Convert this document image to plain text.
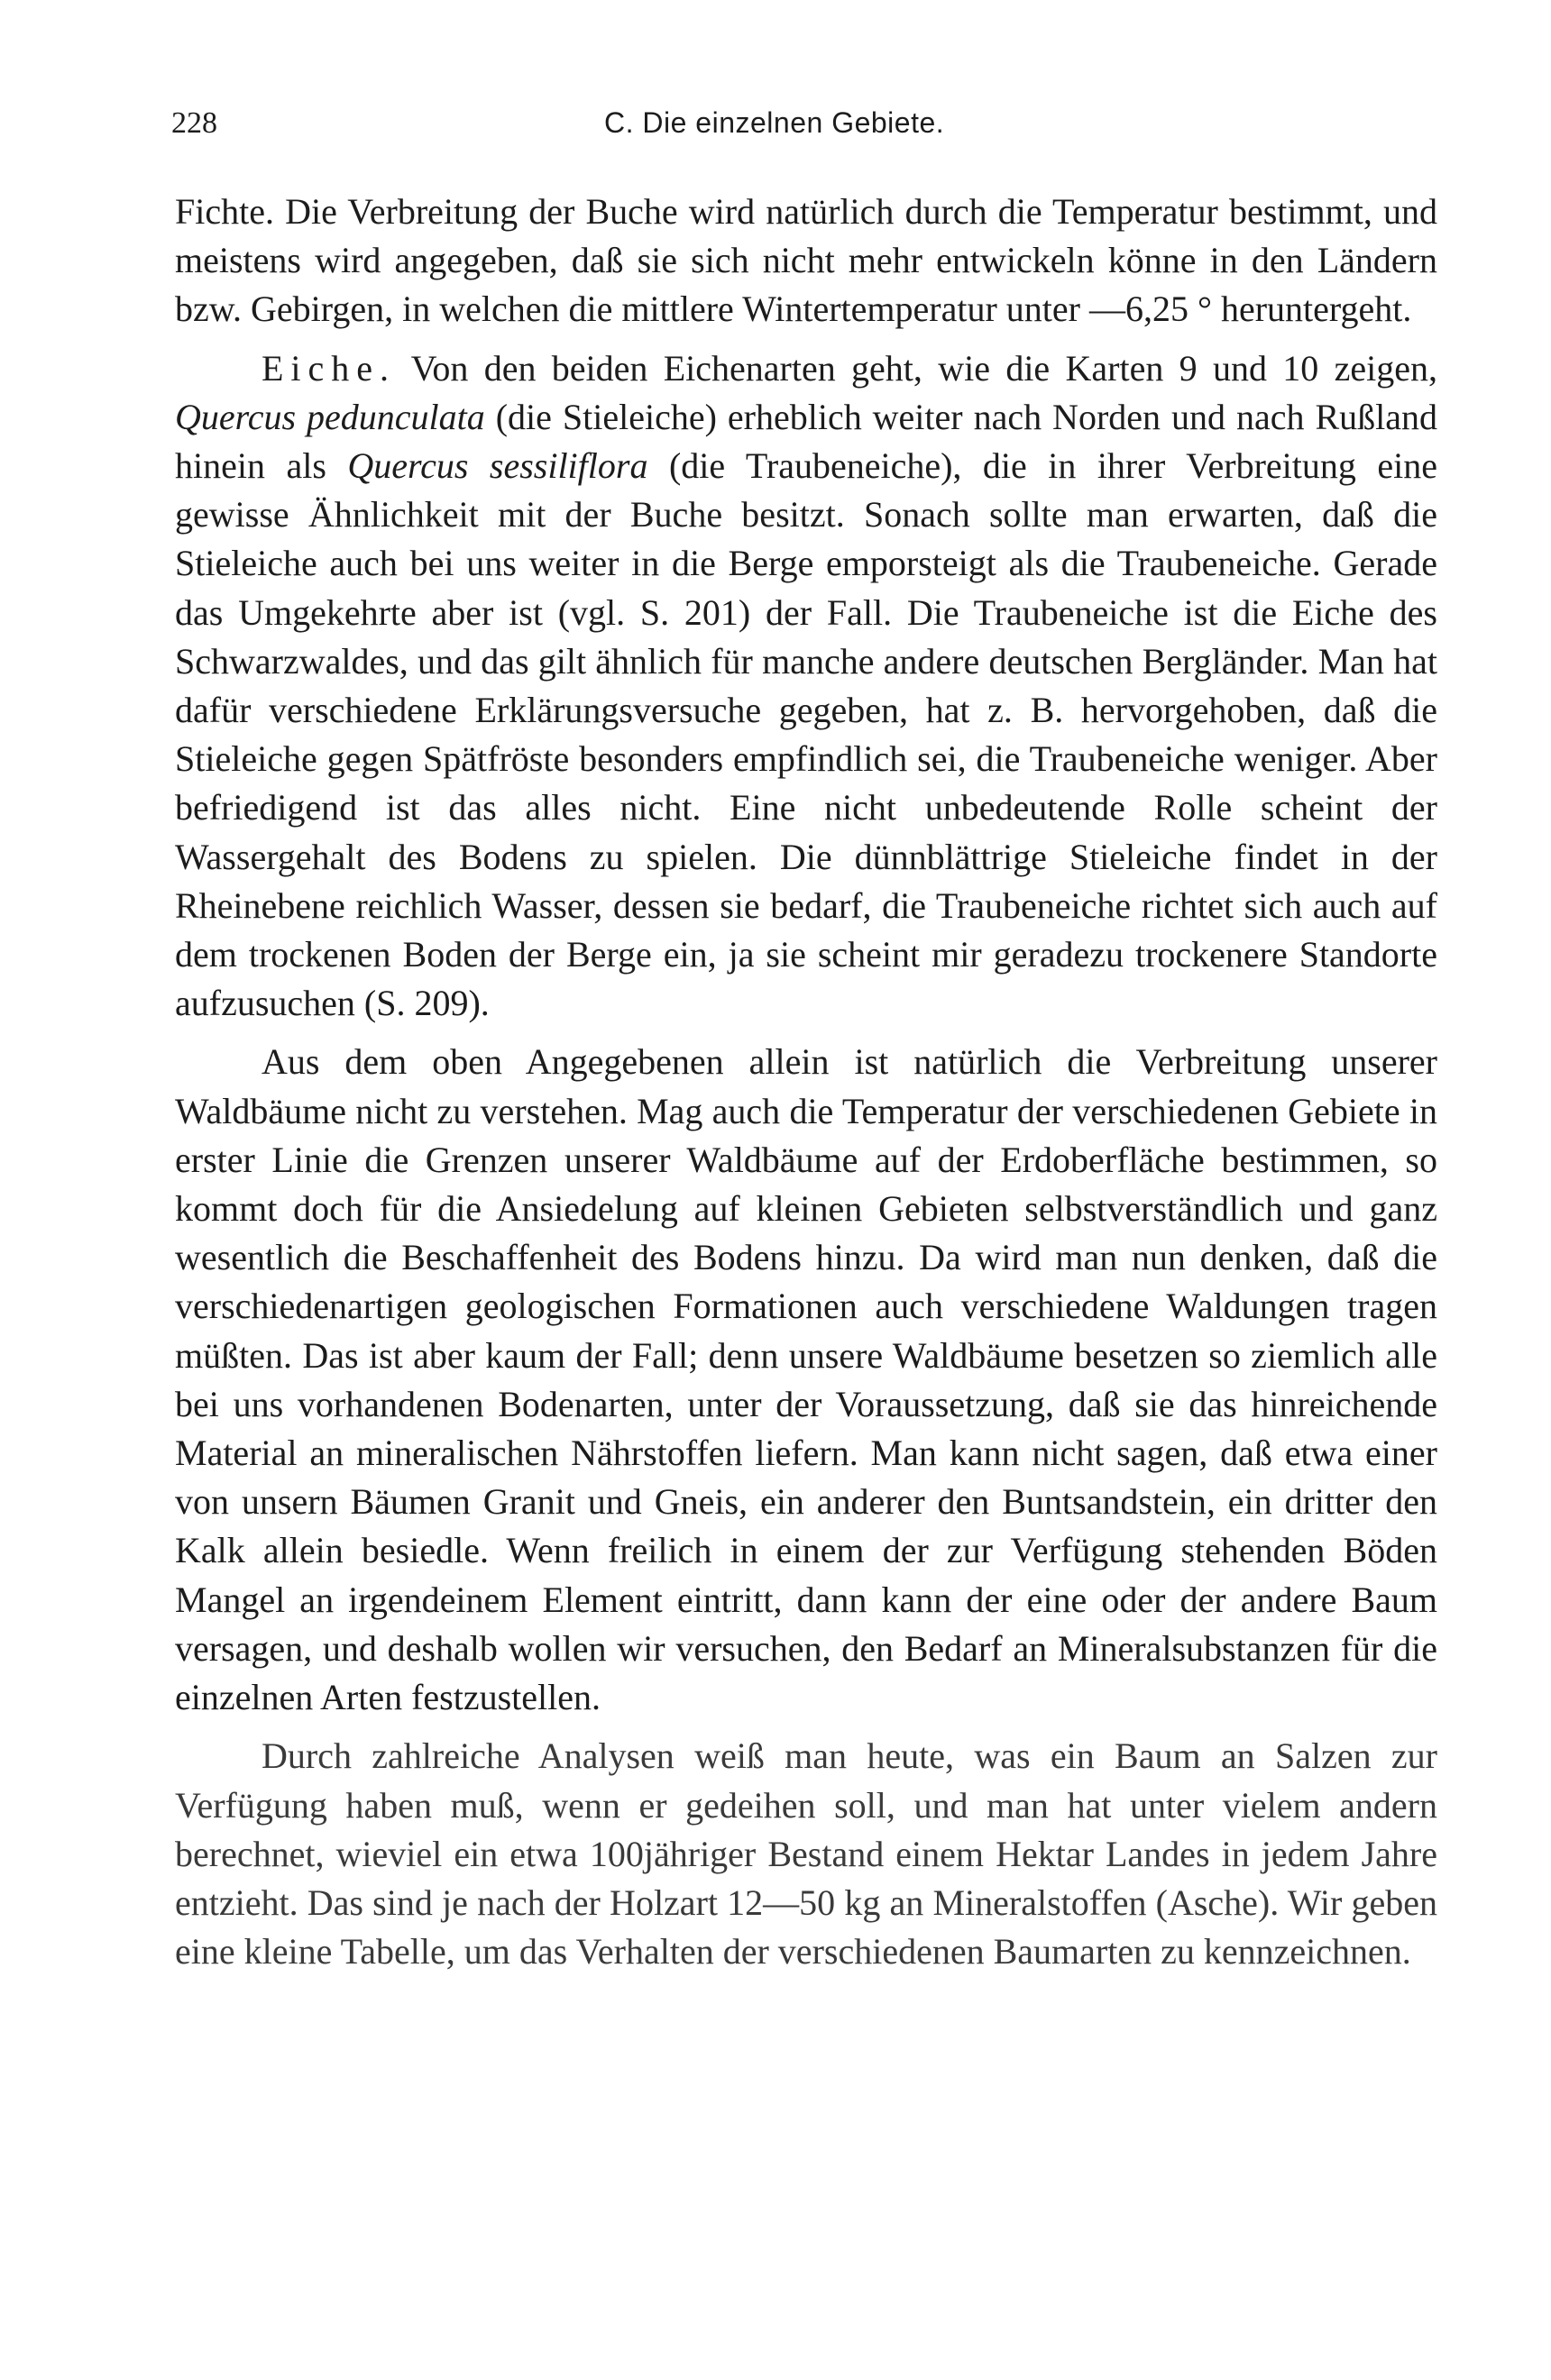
228	C. Die einzelnen Gebiete.

Fichte. Die Verbreitung der Buche wird natürlich durch die Temperatur bestimmt, und meistens wird angegeben, daß sie sich nicht mehr entwickeln könne in den Ländern bzw. Gebirgen, in welchen die mittlere Wintertemperatur unter —6,25 ° heruntergeht.

Eiche. Von den beiden Eichenarten geht, wie die Karten 9 und 10 zeigen, Quercus pedunculata (die Stieleiche) erheblich weiter nach Norden und nach Rußland hinein als Quercus sessiliflora (die Traubeneiche), die in ihrer Verbreitung eine gewisse Ähnlichkeit mit der Buche besitzt. Sonach sollte man erwarten, daß die Stieleiche auch bei uns weiter in die Berge emporsteigt als die Traubeneiche. Gerade das Umgekehrte aber ist (vgl. S. 201) der Fall. Die Traubeneiche ist die Eiche des Schwarzwaldes, und das gilt ähnlich für manche andere deutschen Bergländer. Man hat dafür verschiedene Erklärungsversuche gegeben, hat z. B. hervorgehoben, daß die Stieleiche gegen Spätfröste besonders empfindlich sei, die Traubeneiche weniger. Aber befriedigend ist das alles nicht. Eine nicht unbedeutende Rolle scheint der Wassergehalt des Bodens zu spielen. Die dünnblättrige Stieleiche findet in der Rheinebene reichlich Wasser, dessen sie bedarf, die Traubeneiche richtet sich auch auf dem trockenen Boden der Berge ein, ja sie scheint mir geradezu trockenere Standorte aufzusuchen (S. 209).

Aus dem oben Angegebenen allein ist natürlich die Verbreitung unserer Waldbäume nicht zu verstehen. Mag auch die Temperatur der verschiedenen Gebiete in erster Linie die Grenzen unserer Waldbäume auf der Erdoberfläche bestimmen, so kommt doch für die Ansiedelung auf kleinen Gebieten selbstverständlich und ganz wesentlich die Beschaffenheit des Bodens hinzu. Da wird man nun denken, daß die verschiedenartigen geologischen Formationen auch verschiedene Waldungen tragen müßten. Das ist aber kaum der Fall; denn unsere Waldbäume besetzen so ziemlich alle bei uns vorhandenen Bodenarten, unter der Voraussetzung, daß sie das hinreichende Material an mineralischen Nährstoffen liefern. Man kann nicht sagen, daß etwa einer von unsern Bäumen Granit und Gneis, ein anderer den Buntsandstein, ein dritter den Kalk allein besiedle. Wenn freilich in einem der zur Verfügung stehenden Böden Mangel an irgendeinem Element eintritt, dann kann der eine oder der andere Baum versagen, und deshalb wollen wir versuchen, den Bedarf an Mineralsubstanzen für die einzelnen Arten festzustellen.

Durch zahlreiche Analysen weiß man heute, was ein Baum an Salzen zur Verfügung haben muß, wenn er gedeihen soll, und man hat unter vielem andern berechnet, wieviel ein etwa 100jähriger Bestand einem Hektar Landes in jedem Jahre entzieht. Das sind je nach der Holzart 12—50 kg an Mineralstoffen (Asche). Wir geben eine kleine Tabelle, um das Verhalten der verschiedenen Baumarten zu kennzeichnen.
